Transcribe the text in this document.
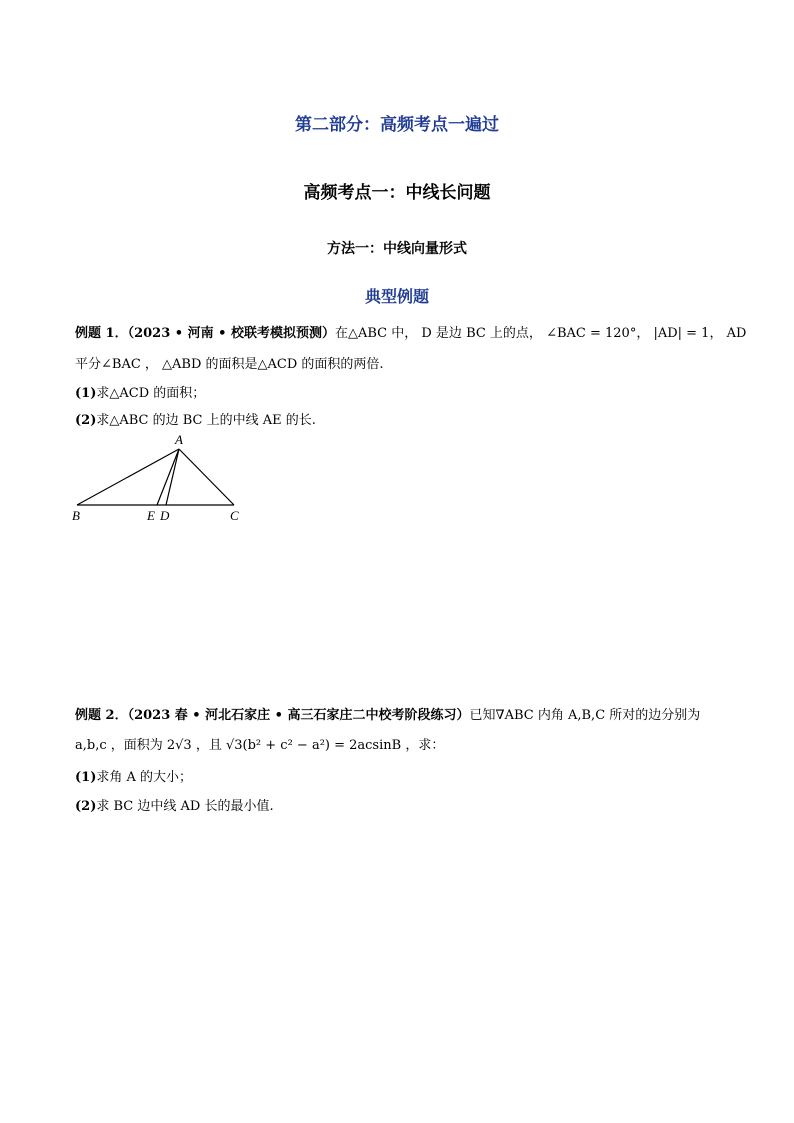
第二部分：高频考点一遍过
高频考点一：中线长问题
方法一：中线向量形式
典型例题
例题 1．（2023 • 河南 • 校联考模拟预测）在△ABC 中， D 是边 BC 上的点， ∠BAC = 120°， |AD| = 1， AD
平分∠BAC ， △ABD 的面积是△ACD 的面积的两倍.
(1)求△ACD 的面积；
(2)求△ABC 的边 BC 上的中线 AE 的长.
A
B	E D	C
例题 2．（2023 春 • 河北石家庄 • 高三石家庄二中校考阶段练习）已知∇ABC 内角 A,B,C 所对的边分别为
a,b,c ，面积为 2√3 ，且 √3(b² + c² − a²) = 2acsinB ，求：
(1)求角 A 的大小；
(2)求 BC 边中线 AD 长的最小值.
